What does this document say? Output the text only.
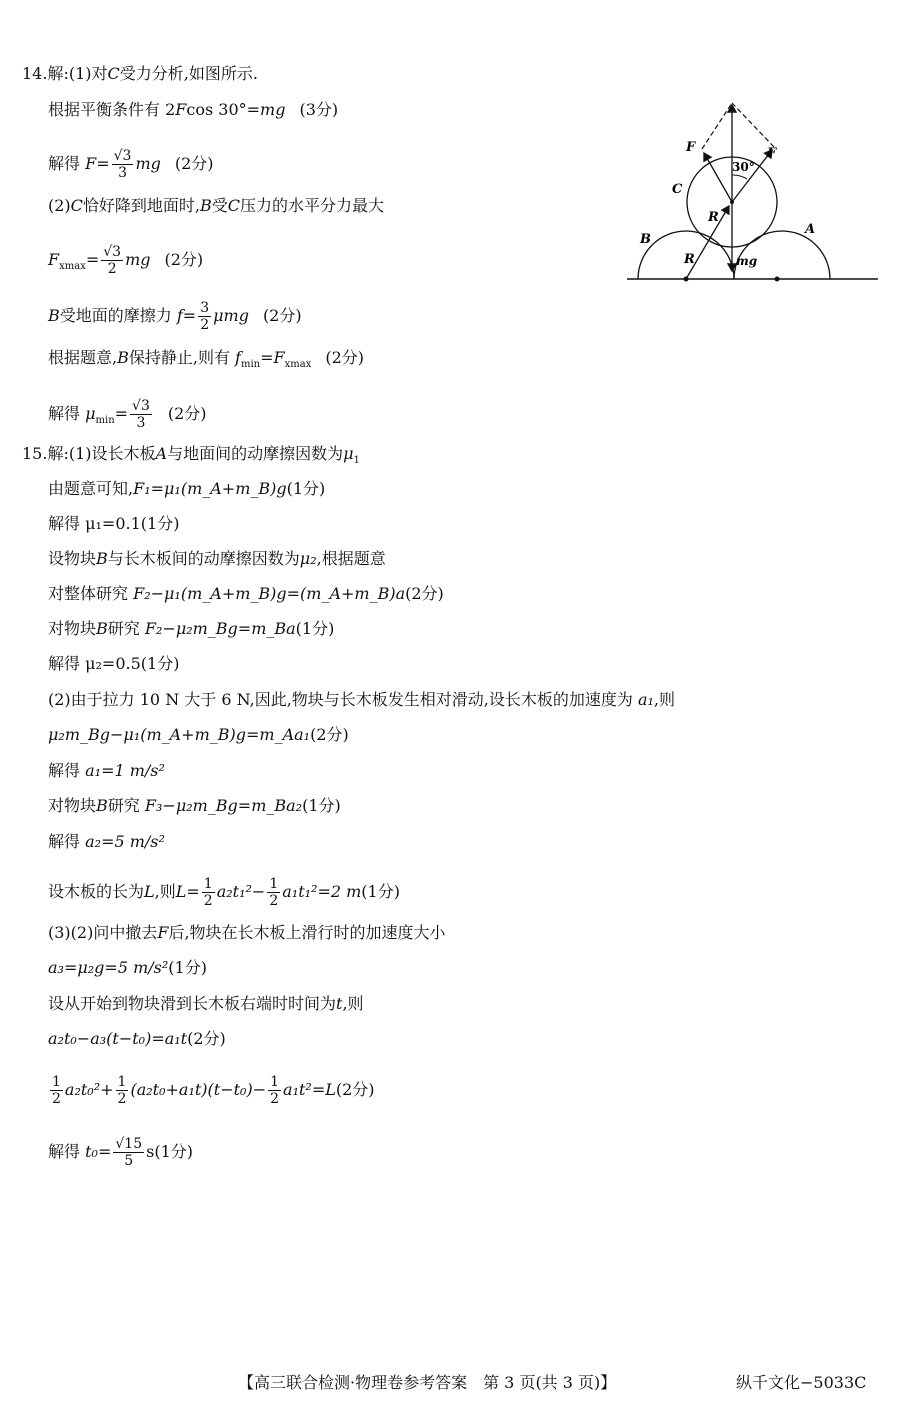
14.解:(1)对C受力分析,如图所示.
根据平衡条件有 2Fcos 30°=mg (3分)
解得 $F= \frac{√3}{3}$ mg (2分)
(2)C恰好降到地面时,B受C压力的水平分力最大
$F_{xmax}= \frac{√3}{2}$ mg (2分)
B受地面的摩擦力 $f= \frac{3}{2}$ μmg (2分)
根据题意,B保持静止,则有 $f_{min}=F_{xmax}$ (2分)
解得 $\mu_{min}= \frac{√3}{3} (2$分)
F	F
30°
C
R
B
A
R	mg
15.解:(1)设长木板A与地面间的动摩擦因数为$\mu_1$
由题意可知,F₁=μ₁(m_A+m_B)g(1分)
解得 μ₁=0.1(1分)
设物块B与长木板间的动摩擦因数为μ₂,根据题意
对整体研究 F₂−μ₁(m_A+m_B)g=(m_A+m_B)a(2分)
对物块B研究 F₂−μ₂m_Bg=m_Ba(1分)
解得 μ₂=0.5(1分)
(2)由于拉力 10 N 大于 6 N,因此,物块与长木板发生相对滑动,设长木板的加速度为 a₁,则
μ₂m_Bg−μ₁(m_A+m_B)g=m_Aa₁(2分)
解得 a₁=1 m/s²
对物块B研究 F₃−μ₂m_Bg=m_Ba₂(1分)
解得 a₂=5 m/s²
设木板的长为L,则$L= \frac{1}{2} a_2t_1^2- \frac{1}{2} a_1t_1^2=2$ m(1分)
(3)(2)问中撤去F后,物块在长木板上滑行时的加速度大小
a₃=μ₂g=5 m/s²(1分)
设从开始到物块滑到长木板右端时时间为t,则
a₂t₀−a₃(t−t₀)=a₁t(2分)
$\frac{1}{2} a_2t_0^2+ \frac{1}{2} (a_2t_0+a_1t)(t-t_0)- \frac{1}{2} a_1t^2=L(2$分)
解得 $t_0= \frac{√15}{5} s(1$分)
【高三联合检测·物理卷参考答案　第 3 页(共 3 页)】	纵千文化−5033C
